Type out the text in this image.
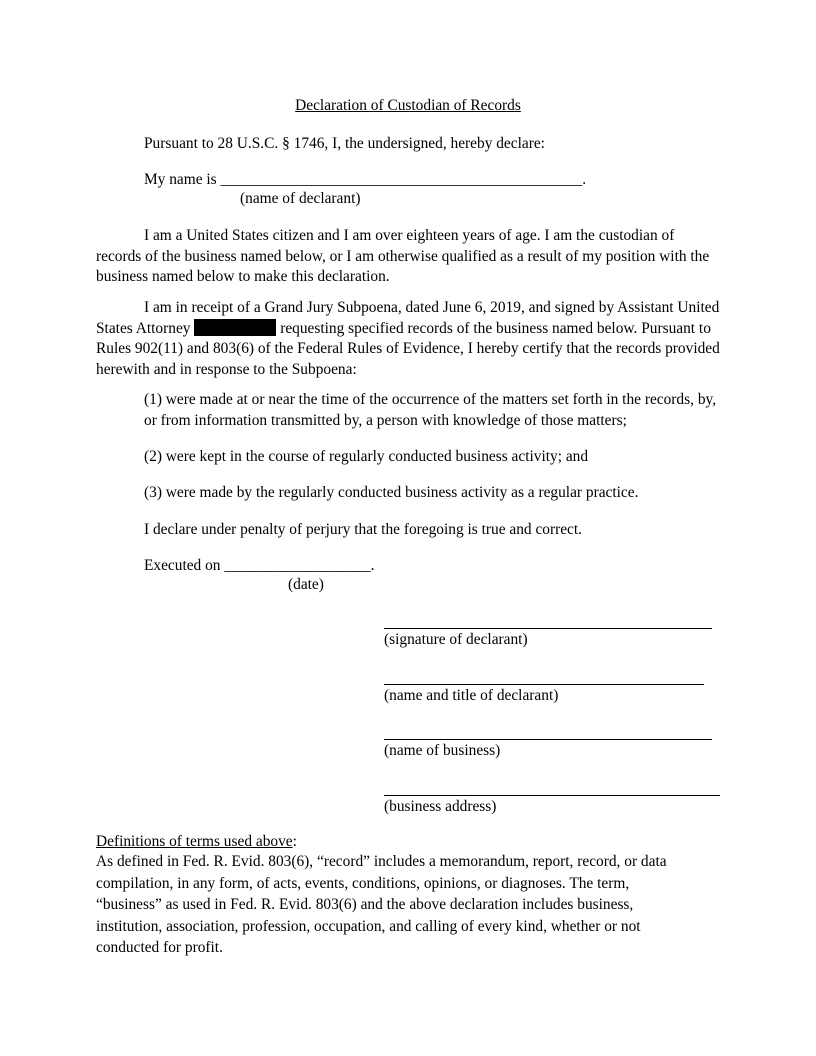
Declaration of Custodian of Records
Pursuant to 28 U.S.C. § 1746, I, the undersigned, hereby declare:
My name is _______________________________________________.
(name of declarant)
I am a United States citizen and I am over eighteen years of age. I am the custodian of records of the business named below, or I am otherwise qualified as a result of my position with the business named below to make this declaration.
I am in receipt of a Grand Jury Subpoena, dated June 6, 2019, and signed by Assistant United States Attorney	requesting specified records of the business named below. Pursuant to Rules 902(11) and 803(6) of the Federal Rules of Evidence, I hereby certify that the records provided herewith and in response to the Subpoena:
(1) were made at or near the time of the occurrence of the matters set forth in the records, by, or from information transmitted by, a person with knowledge of those matters;
(2) were kept in the course of regularly conducted business activity; and
(3) were made by the regularly conducted business activity as a regular practice.
I declare under penalty of perjury that the foregoing is true and correct.
Executed on ___________________.
(date)
(signature of declarant)
(name and title of declarant)
(name of business)
(business address)
Definitions of terms used above:
As defined in Fed. R. Evid. 803(6), “record” includes a memorandum, report, record, or data compilation, in any form, of acts, events, conditions, opinions, or diagnoses. The term, “business” as used in Fed. R. Evid. 803(6) and the above declaration includes business, institution, association, profession, occupation, and calling of every kind, whether or not conducted for profit.
